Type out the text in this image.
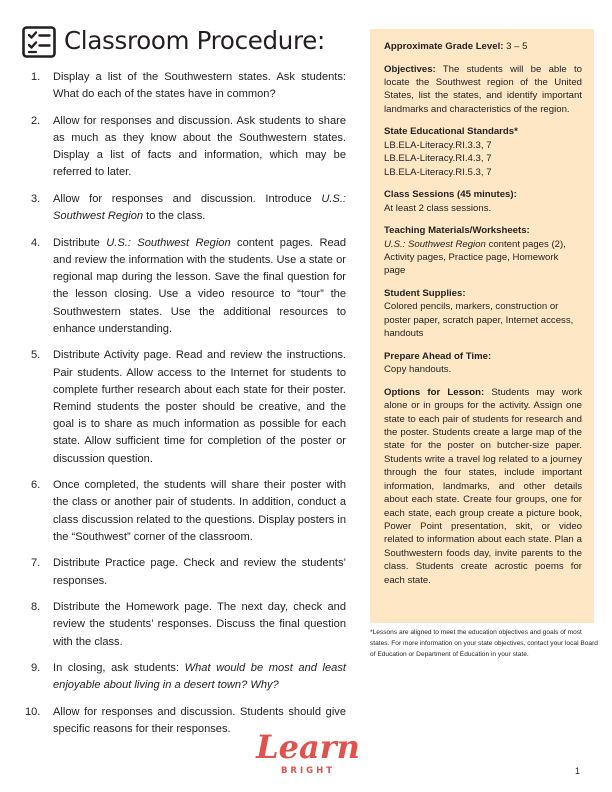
Classroom Procedure:
1. Display a list of the Southwestern states. Ask students: What do each of the states have in common?
2. Allow for responses and discussion. Ask students to share as much as they know about the Southwestern states. Display a list of facts and information, which may be referred to later.
3. Allow for responses and discussion. Introduce U.S.: Southwest Region to the class.
4. Distribute U.S.: Southwest Region content pages. Read and review the information with the students. Use a state or regional map during the lesson. Save the final question for the lesson closing. Use a video resource to “tour” the Southwestern states. Use the additional resources to enhance understanding.
5. Distribute Activity page. Read and review the instructions. Pair students. Allow access to the Internet for students to complete further research about each state for their poster. Remind students the poster should be creative, and the goal is to share as much information as possible for each state. Allow sufficient time for completion of the poster or discussion question.
6. Once completed, the students will share their poster with the class or another pair of students. In addition, conduct a class discussion related to the questions. Display posters in the “Southwest” corner of the classroom.
7. Distribute Practice page. Check and review the students’ responses.
8. Distribute the Homework page. The next day, check and review the students’ responses. Discuss the final question with the class.
9. In closing, ask students: What would be most and least enjoyable about living in a desert town? Why?
10. Allow for responses and discussion. Students should give specific reasons for their responses.
Approximate Grade Level: 3 – 5
Objectives: The students will be able to locate the Southwest region of the United States, list the states, and identify important landmarks and characteristics of the region.
State Educational Standards*
LB.ELA-Literacy.RI.3.3, 7
LB.ELA-Literacy.RI.4.3, 7
LB.ELA-Literacy.RI.5.3, 7
Class Sessions (45 minutes):
At least 2 class sessions.
Teaching Materials/Worksheets:
U.S.: Southwest Region content pages (2), Activity pages, Practice page, Homework page
Student Supplies:
Colored pencils, markers, construction or poster paper, scratch paper, Internet access, handouts
Prepare Ahead of Time:
Copy handouts.
Options for Lesson: Students may work alone or in groups for the activity. Assign one state to each pair of students for research and the poster. Students create a large map of the state for the poster on butcher-size paper. Students write a travel log related to a journey through the four states, include important information, landmarks, and other details about each state. Create four groups, one for each state, each group create a picture book, Power Point presentation, skit, or video related to information about each state. Plan a Southwestern foods day, invite parents to the class. Students create acrostic poems for each state.
*Lessons are aligned to meet the education objectives and goals of most states. For more information on your state objectives, contact your local Board of Education or Department of Education in your state.
Learn
BRIGHT	1
